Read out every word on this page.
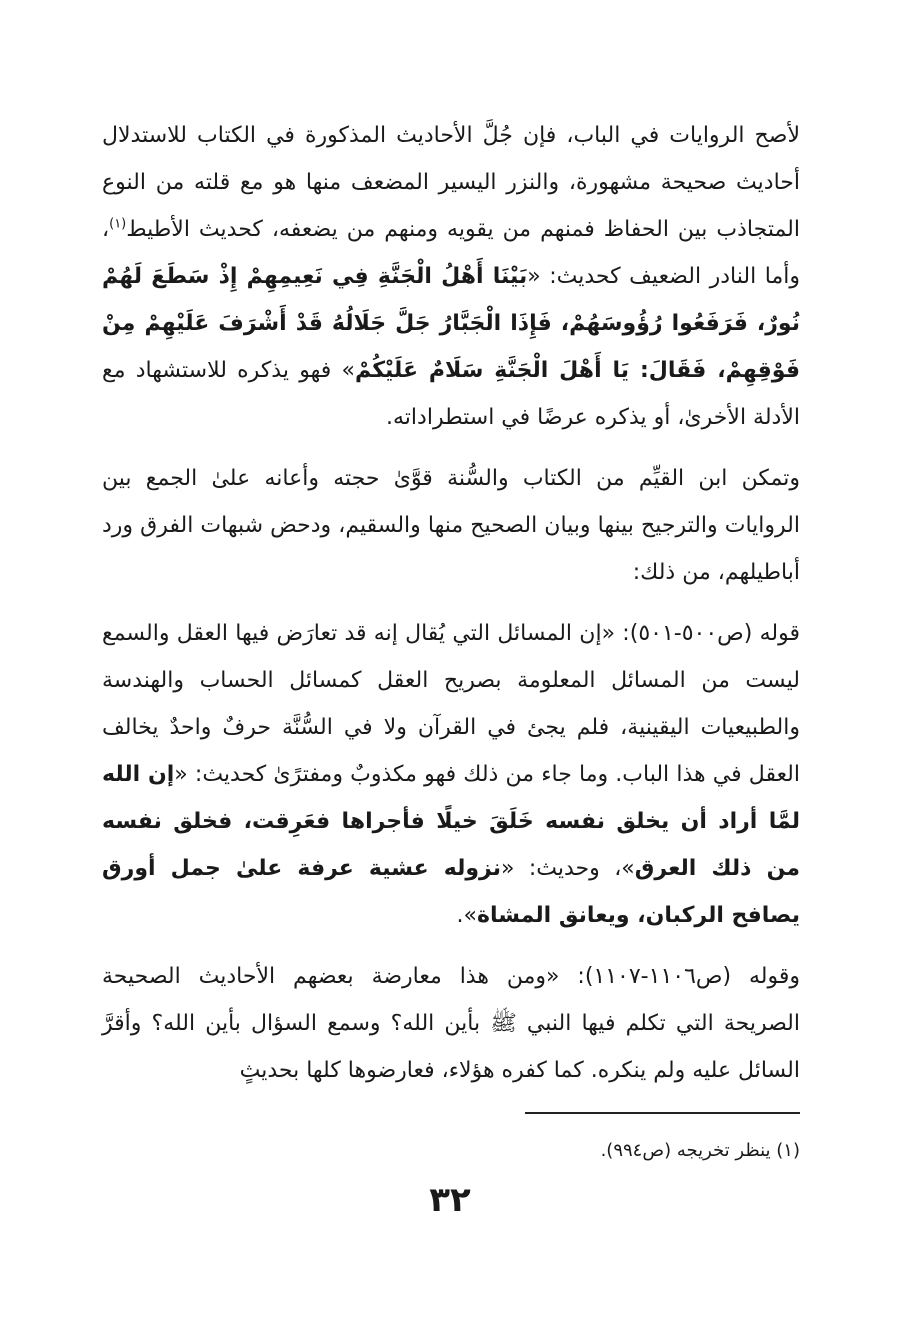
لأصح الروايات في الباب، فإن جُلَّ الأحاديث المذكورة في الكتاب للاستدلال أحاديث صحيحة مشهورة، والنزر اليسير المضعف منها هو مع قلته من النوع المتجاذب بين الحفاظ فمنهم من يقويه ومنهم من يضعفه، كحديث الأطيط$^{(١)}$، وأما النادر الضعيف كحديث: «بَيْنَا أَهْلُ الْجَنَّةِ فِي نَعِيمِهِمْ إِذْ سَطَعَ لَهُمْ نُورٌ، فَرَفَعُوا رُؤُوسَهُمْ، فَإِذَا الْجَبَّارُ جَلَّ جَلَالُهُ قَدْ أَشْرَفَ عَلَيْهِمْ مِنْ فَوْقِهِمْ، فَقَالَ: يَا أَهْلَ الْجَنَّةِ سَلَامٌ عَلَيْكُمْ» فهو يذكره للاستشهاد مع الأدلة الأخرىٰ، أو يذكره عرضًا في استطراداته.

وتمكن ابن القيِّم من الكتاب والسُّنة قوَّىٰ حجته وأعانه علىٰ الجمع بين الروايات والترجيح بينها وبيان الصحيح منها والسقيم، ودحض شبهات الفرق ورد أباطيلهم، من ذلك:

قوله (ص٥٠٠-٥٠١): «إن المسائل التي يُقال إنه قد تعارَض فيها العقل والسمع ليست من المسائل المعلومة بصريح العقل كمسائل الحساب والهندسة والطبيعيات اليقينية، فلم يجئ في القرآن ولا في السُّنَّة حرفٌ واحدٌ يخالف العقل في هذا الباب. وما جاء من ذلك فهو مكذوبٌ ومفترًىٰ كحديث: «إن الله لمَّا أراد أن يخلق نفسه خَلَقَ خيلًا فأجراها فعَرِقت، فخلق نفسه من ذلك العرق»، وحديث: «نزوله عشية عرفة علىٰ جمل أورق يصافح الركبان، ويعانق المشاة».

وقوله (ص١١٠٦-١١٠٧): «ومن هذا معارضة بعضهم الأحاديث الصحيحة الصريحة التي تكلم فيها النبي ﷺ بأين الله؟ وسمع السؤال بأين الله؟ وأقرَّ السائل عليه ولم ينكره. كما كفره هؤلاء، فعارضوها كلها بحديثٍ

(١) ينظر تخريجه (ص٩٩٤).
٣٢
